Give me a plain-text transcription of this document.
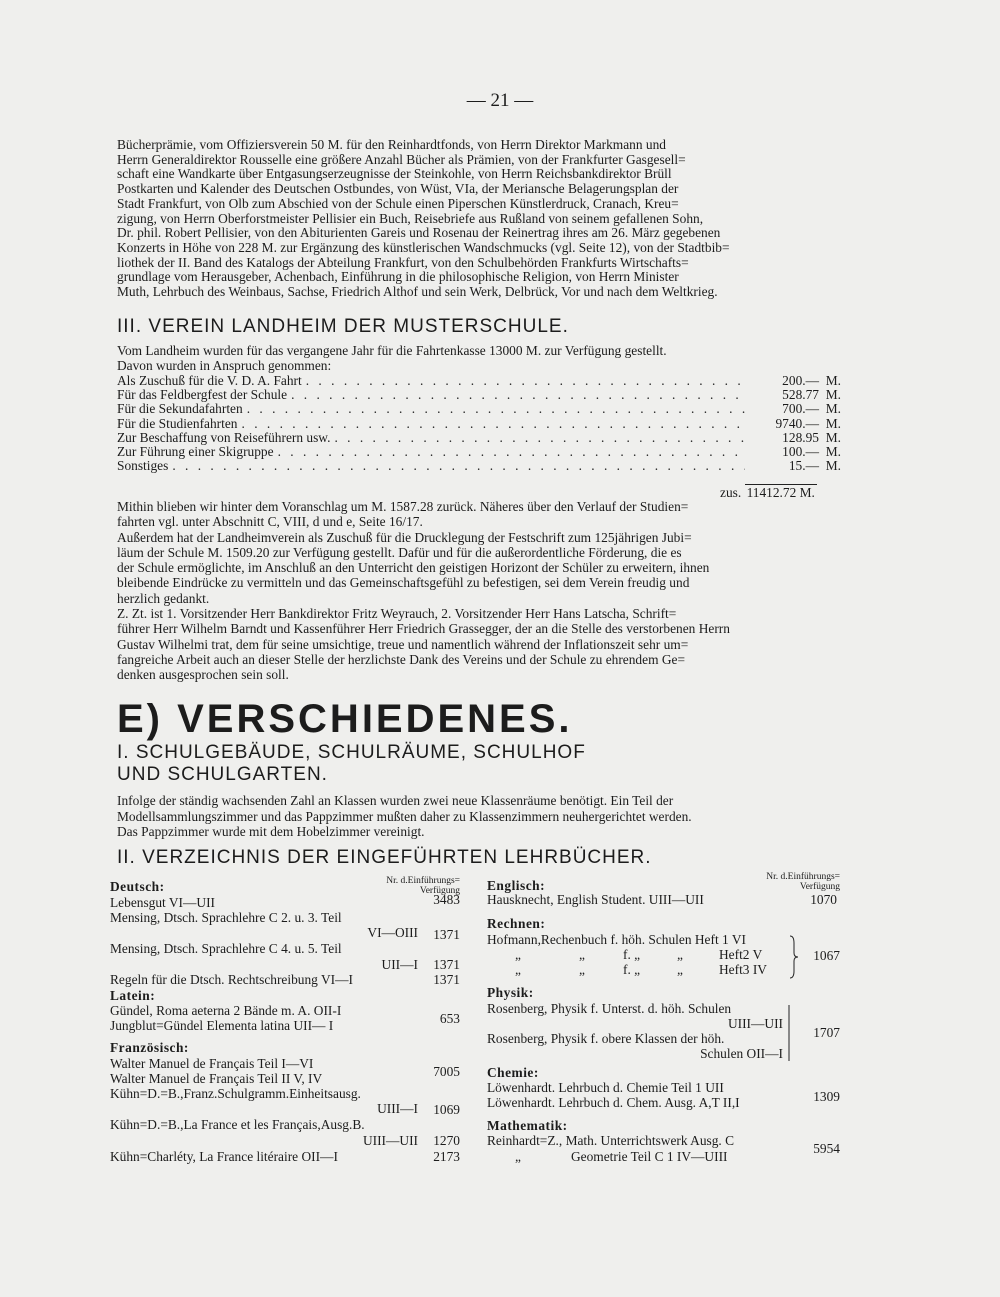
— 21 —
Bücherprämie, vom Offiziersverein 50 M. für den Reinhardtfonds, von Herrn Direktor Markmann und
Herrn Generaldirektor Rousselle eine größere Anzahl Bücher als Prämien, von der Frankfurter Gasgesell=
schaft eine Wandkarte über Entgasungserzeugnisse der Steinkohle, von Herrn Reichsbankdirektor Brüll
Postkarten und Kalender des Deutschen Ostbundes, von Wüst, VIa, der Meriansche Belagerungsplan der
Stadt Frankfurt, von Olb zum Abschied von der Schule einen Piperschen Künstlerdruck, Cranach, Kreu=
zigung, von Herrn Oberforstmeister Pellisier ein Buch, Reisebriefe aus Rußland von seinem gefallenen Sohn,
Dr. phil. Robert Pellisier, von den Abiturienten Gareis und Rosenau der Reinertrag ihres am 26. März gegebenen
Konzerts in Höhe von 228 M. zur Ergänzung des künstlerischen Wandschmucks (vgl. Seite 12), von der Stadtbib=
liothek der II. Band des Katalogs der Abteilung Frankfurt, von den Schulbehörden Frankfurts Wirtschafts=
grundlage vom Herausgeber, Achenbach, Einführung in die philosophische Religion, von Herrn Minister
Muth, Lehrbuch des Weinbaus, Sachse, Friedrich Althof und sein Werk, Delbrück, Vor und nach dem Weltkrieg.
III. VEREIN LANDHEIM DER MUSTERSCHULE.
Vom Landheim wurden für das vergangene Jahr für die Fahrtenkasse 13000 M. zur Verfügung gestellt.
Davon wurden in Anspruch genommen:
Als Zuschuß für die V. D. A. Fahrt . . .	200.— M.
Für das Feldbergfest der Schule . . .	528.77 M.
Für die Sekundafahrten . . .	700.— M.
Für die Studienfahrten . . .	9740.— M.
Zur Beschaffung von Reiseführern usw. . . .	128.95 M.
Zur Führung einer Skigruppe . . .	100.— M.
Sonstiges . . .	15.— M.
zus. 11412.72 M.
Mithin blieben wir hinter dem Voranschlag um M. 1587.28 zurück. Näheres über den Verlauf der Studien=
fahrten vgl. unter Abschnitt C, VIII, d und e, Seite 16/17.
Außerdem hat der Landheimverein als Zuschuß für die Drucklegung der Festschrift zum 125jährigen Jubi=
läum der Schule M. 1509.20 zur Verfügung gestellt. Dafür und für die außerordentliche Förderung, die es
der Schule ermöglichte, im Anschluß an den Unterricht den geistigen Horizont der Schüler zu erweitern, ihnen
bleibende Eindrücke zu vermitteln und das Gemeinschaftsgefühl zu befestigen, sei dem Verein freudig und
herzlich gedankt.
Z. Zt. ist 1. Vorsitzender Herr Bankdirektor Fritz Weyrauch, 2. Vorsitzender Herr Hans Latscha, Schrift=
führer Herr Wilhelm Barndt und Kassenführer Herr Friedrich Grassegger, der an die Stelle des verstorbenen Herrn
Gustav Wilhelmi trat, dem für seine umsichtige, treue und namentlich während der Inflationszeit sehr um=
fangreiche Arbeit auch an dieser Stelle der herzlichste Dank des Vereins und der Schule zu ehrendem Ge=
denken ausgesprochen sein soll.
E) VERSCHIEDENES.
I. SCHULGEBÄUDE, SCHULRÄUME, SCHULHOF
UND SCHULGARTEN.
Infolge der ständig wachsenden Zahl an Klassen wurden zwei neue Klassenräume benötigt. Ein Teil der
Modellsammlungszimmer und das Pappzimmer mußten daher zu Klassenzimmern neuhergerichtet werden.
Das Pappzimmer wurde mit dem Hobelzimmer vereinigt.
II. VERZEICHNIS DER EINGEFÜHRTEN LEHRBÜCHER.
Nr. d.Einführungs=
Verfügung
Deutsch:
Lebensgut VI—UII	3483
Mensing, Dtsch. Sprachlehre C 2. u. 3. Teil
VI—OIII	1371
Mensing, Dtsch. Sprachlehre C 4. u. 5. Teil
UII—I	1371
Regeln für die Dtsch. Rechtschreibung VI—I	1371
Latein:
Gündel, Roma aeterna 2 Bände m. A. OII-I
Jungblut=Gündel Elementa latina UII— I	653
Französisch:
Walter Manuel de Français Teil I—VI
Walter Manuel de Français Teil II V, IV	7005
Kühn=D.=B.,Franz.Schulgramm.Einheitsausg.
UIII—I	1069
Kühn=D.=B.,La France et les Français,Ausg.B.
UIII—UII	1270
Kühn=Charléty, La France litéraire OII—I	2173
Nr. d.Einführungs=
Verfügung
Englisch:
Hausknecht, English Student. UIII—UII	1070
Rechnen:
Hofmann,Rechenbuch f. höh. Schulen Heft 1 VI
„	„	f. „	„	Heft2 V
„	„	f. „	„	Heft3 IV
1067
Physik:
Rosenberg, Physik f. Unterst. d. höh. Schulen
UIII—UII
Rosenberg, Physik f. obere Klassen der höh.
Schulen OII—I
1707
Chemie:
Löwenhardt. Lehrbuch d. Chemie Teil 1 UII
Löwenhardt. Lehrbuch d. Chem. Ausg. A,T II,I	1309
Mathematik:
Reinhardt=Z., Math. Unterrichtswerk Ausg. C
„	Geometrie Teil C 1 IV—UIII
5954
